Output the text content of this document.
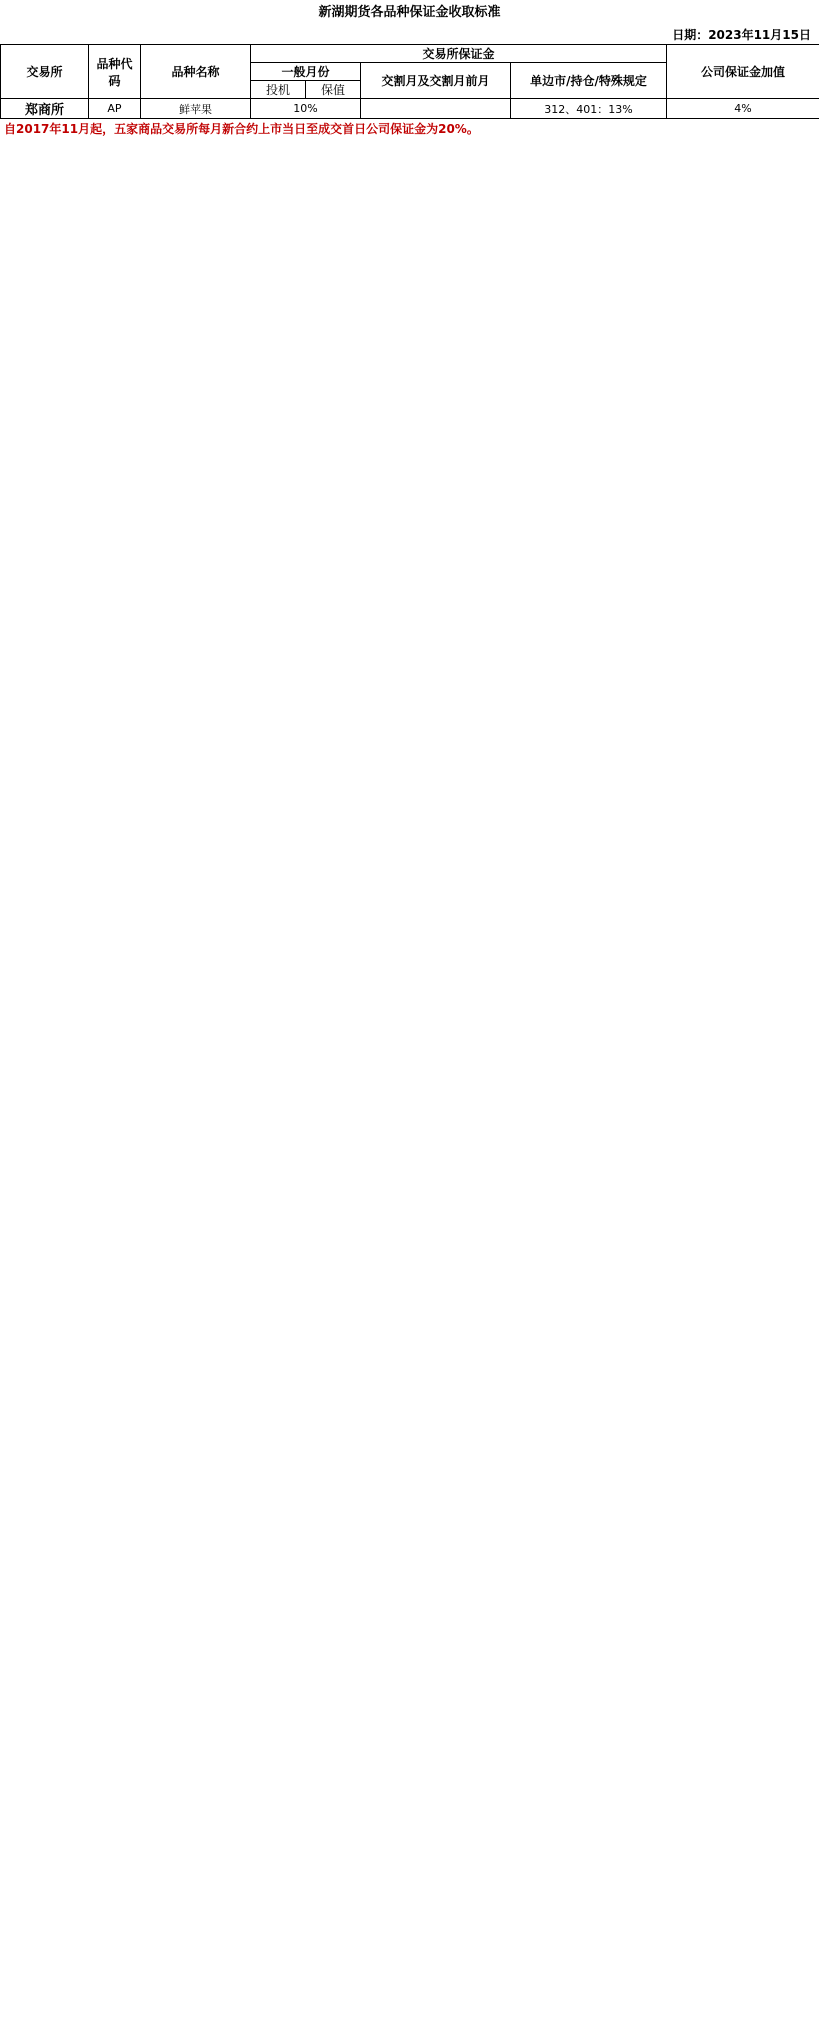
新湖期货各品种保证金收取标准
日期：2023年11月15日
交易所	品种代码	品种名称	交易所保证金				公司保证金加值
			一般月份		交割月及交割月前月	单边市/持仓/特殊规定	
			投机	保值			
郑商所	AP	鲜苹果	10%			312、401：13%	4%
自2017年11月起，五家商品交易所每月新合约上市当日至成交首日公司保证金为20%。
